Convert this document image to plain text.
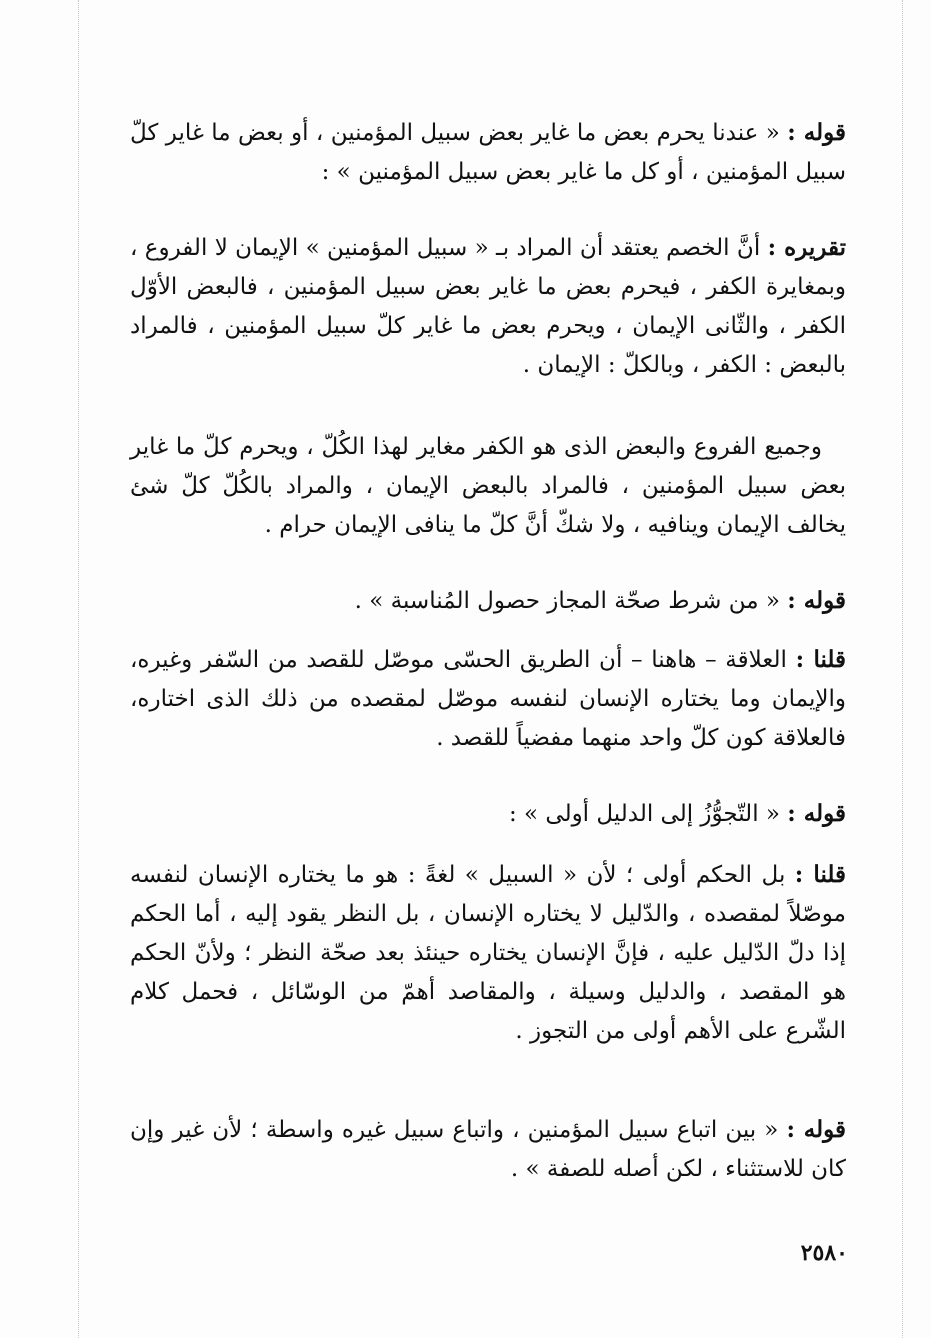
قوله : « عندنا يحرم بعض ما غاير بعض سبيل المؤمنين ، أو بعض ما غاير كلّ سبيل المؤمنين ، أو كل ما غاير بعض سبيل المؤمنين » :

تقريره : أنَّ الخصم يعتقد أن المراد بـ « سبيل المؤمنين » الإيمان لا الفروع ، وبمغايرة الكفر ، فيحرم بعض ما غاير بعض سبيل المؤمنين ، فالبعض الأوّل الكفر ، والثّانى الإيمان ، ويحرم بعض ما غاير كلّ سبيل المؤمنين ، فالمراد بالبعض : الكفر ، وبالكلّ : الإيمان .

وجميع الفروع والبعض الذى هو الكفر مغاير لهذا الكُلّ ، ويحرم كلّ ما غاير بعض سبيل المؤمنين ، فالمراد بالبعض الإيمان ، والمراد بالكُلّ كلّ شئ يخالف الإيمان وينافيه ، ولا شكّ أنَّ كلّ ما ينافى الإيمان حرام .

قوله : « من شرط صحّة المجاز حصول المُناسبة » .

قلنا : العلاقة – هاهنا – أن الطريق الحسّى موصّل للقصد من السّفر وغيره، والإيمان وما يختاره الإنسان لنفسه موصّل لمقصده من ذلك الذى اختاره، فالعلاقة كون كلّ واحد منهما مفضياً للقصد .

قوله : « التّجوُّزُ إلى الدليل أولى » :

قلنا : بل الحكم أولى ؛ لأن « السبيل » لغةً : هو ما يختاره الإنسان لنفسه موصّلاً لمقصده ، والدّليل لا يختاره الإنسان ، بل النظر يقود إليه ، أما الحكم إذا دلّ الدّليل عليه ، فإنَّ الإنسان يختاره حينئذ بعد صحّة النظر ؛ ولأنّ الحكم هو المقصد ، والدليل وسيلة ، والمقاصد أهمّ من الوسّائل ، فحمل كلام الشّرع على الأهم أولى من التجوز .

قوله : « بين اتباع سبيل المؤمنين ، واتباع سبيل غيره واسطة ؛ لأن غير وإن كان للاستثناء ، لكن أصله للصفة » .

٢٥٨٠
